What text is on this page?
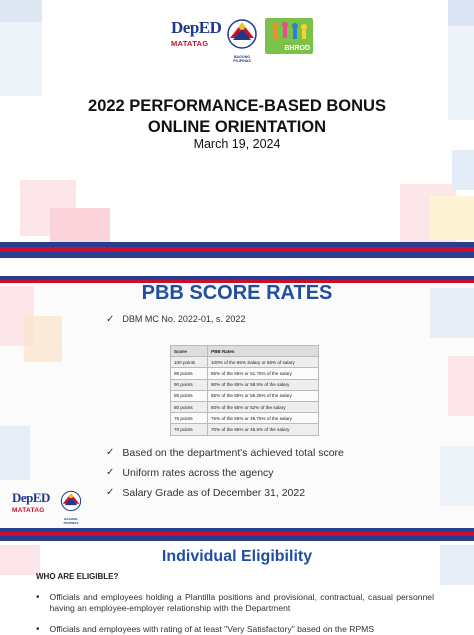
DepED
MATATAG
BAGONG PILIPINAS
BHROD
2022 PERFORMANCE-BASED BONUS
ONLINE ORIENTATION
March 19, 2024
PBB SCORE RATES
✓ DBM MC No. 2022-01, s. 2022
Score	PBB Rates
100 points	100% of the 65% Salary or 65% of salary
95 points	85% of the 65% or 61.75% of the salary
90 points	90% of the 65% or 58.5% of the salary
85 points	85% of the 65% or 55.25% of the salary
80 points	80% of the 65% or 52% of the salary
75 points	75% of the 65% or 48.75% of the salary
70 points	70% of the 65% or 45.5% of the salary
✓ Based on the department's achieved total score
✓ Uniform rates across the agency
✓ Salary Grade as of December 31, 2022
DepED
MATATAG
BAGONG PILIPINAS
Individual Eligibility
WHO ARE ELIGIBLE?
• Officials and employees holding a Plantilla positions and provisional, contractual, casual personnel having an employee-employer relationship with the Department
• Officials and employees with rating of at least "Very Satisfactory" based on the RPMS
